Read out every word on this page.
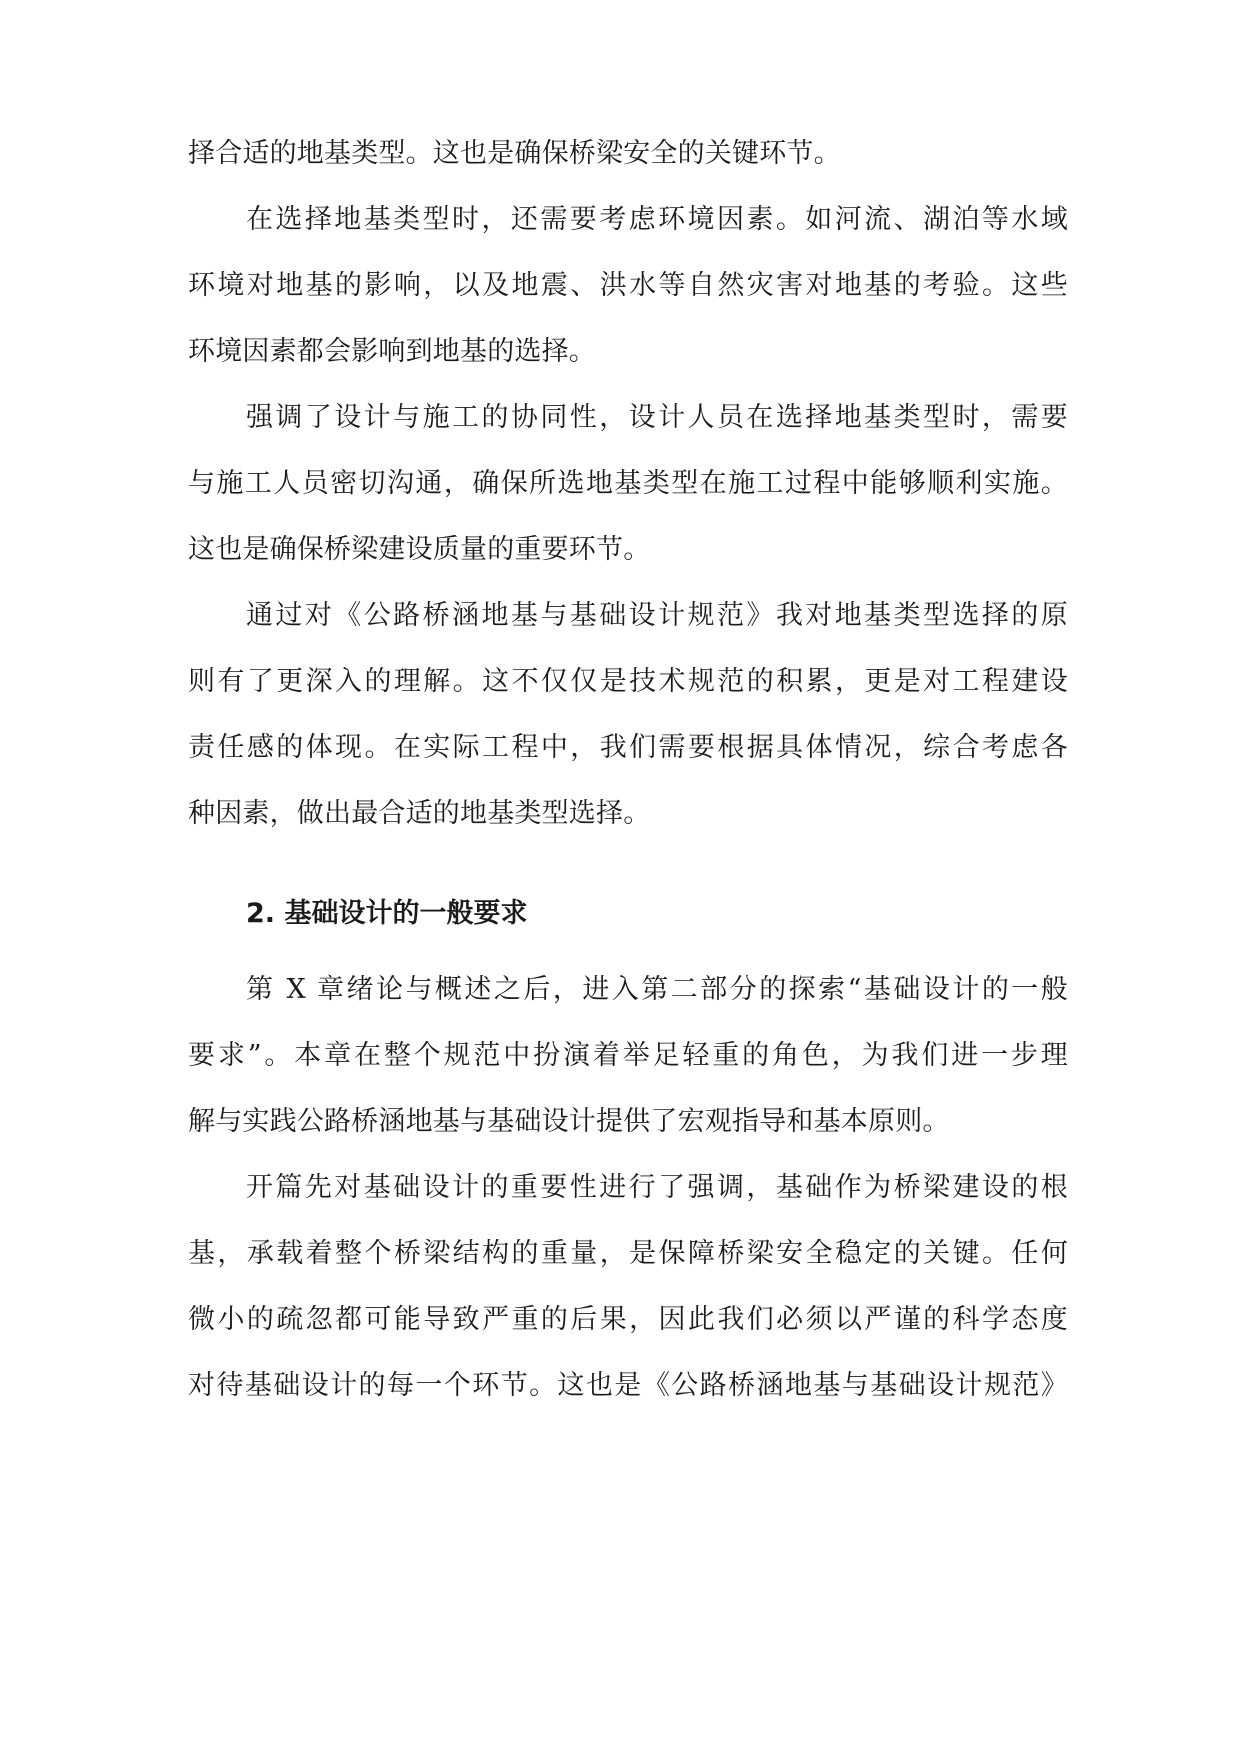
择合适的地基类型。这也是确保桥梁安全的关键环节。
在选择地基类型时，还需要考虑环境因素。如河流、湖泊等水域
环境对地基的影响，以及地震、洪水等自然灾害对地基的考验。这些
环境因素都会影响到地基的选择。
强调了设计与施工的协同性，设计人员在选择地基类型时，需要
与施工人员密切沟通，确保所选地基类型在施工过程中能够顺利实施。
这也是确保桥梁建设质量的重要环节。
通过对《公路桥涵地基与基础设计规范》我对地基类型选择的原
则有了更深入的理解。这不仅仅是技术规范的积累，更是对工程建设
责任感的体现。在实际工程中，我们需要根据具体情况，综合考虑各
种因素，做出最合适的地基类型选择。
2. 基础设计的一般要求
第 X 章绪论与概述之后，进入第二部分的探索“基础设计的一般
要求”。本章在整个规范中扮演着举足轻重的角色，为我们进一步理
解与实践公路桥涵地基与基础设计提供了宏观指导和基本原则。
开篇先对基础设计的重要性进行了强调，基础作为桥梁建设的根
基，承载着整个桥梁结构的重量，是保障桥梁安全稳定的关键。任何
微小的疏忽都可能导致严重的后果，因此我们必须以严谨的科学态度
对待基础设计的每一个环节。这也是《公路桥涵地基与基础设计规范》
